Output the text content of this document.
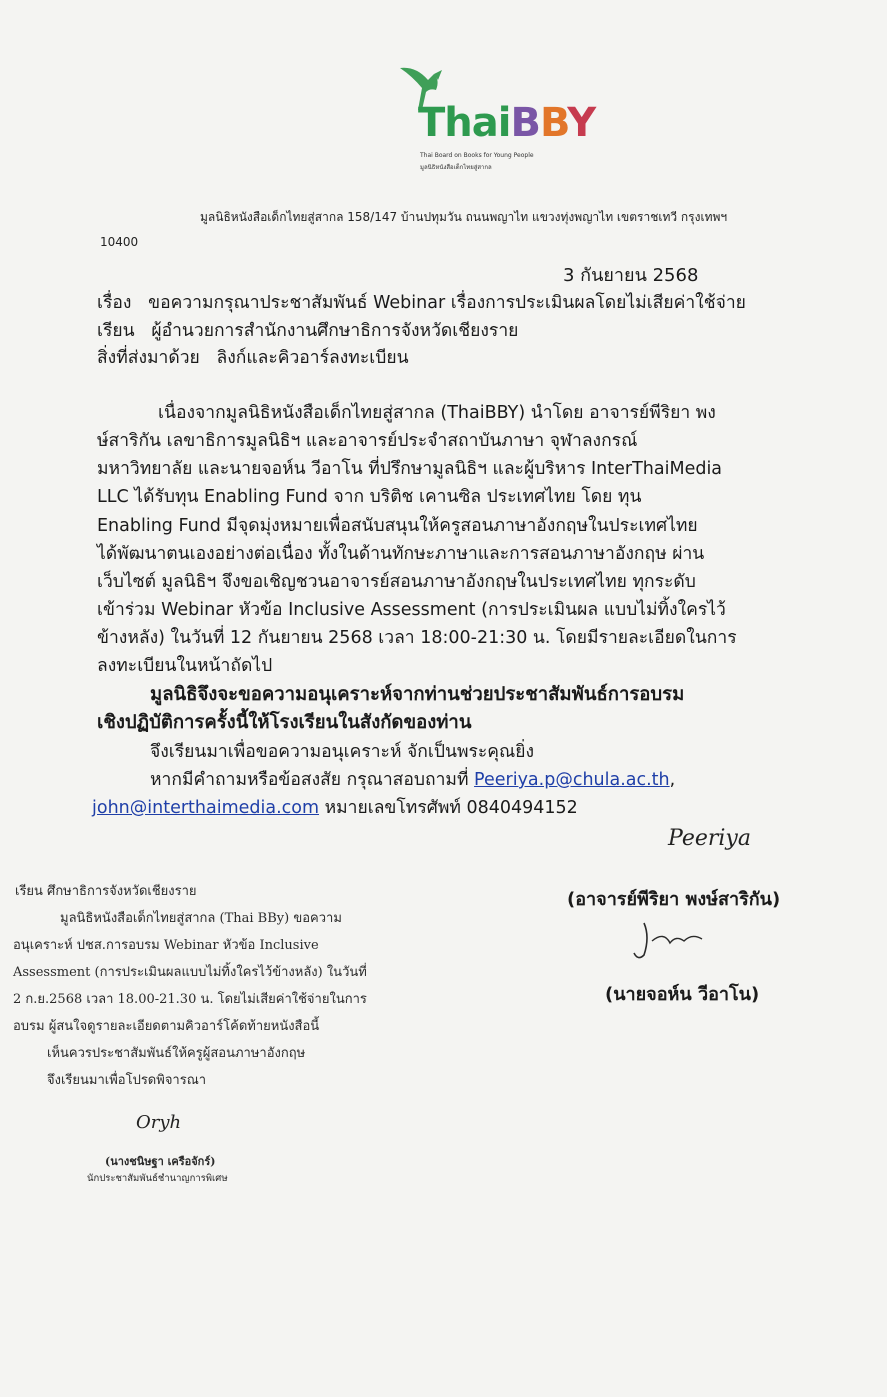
ThaiBBY
Thai Board on Books for Young People
มูลนิธิหนังสือเด็กไทยสู่สากล
มูลนิธิหนังสือเด็กไทยสู่สากล 158/147 บ้านปทุมวัน ถนนพญาไท แขวงทุ่งพญาไท เขตราชเทวี กรุงเทพฯ
10400
3 กันยายน 2568
เรื่อง ขอความกรุณาประชาสัมพันธ์ Webinar เรื่องการประเมินผลโดยไม่เสียค่าใช้จ่าย
เรียน ผู้อำนวยการสำนักงานศึกษาธิการจังหวัดเชียงราย
สิ่งที่ส่งมาด้วย ลิงก์และคิวอาร์ลงทะเบียน
เนื่องจากมูลนิธิหนังสือเด็กไทยสู่สากล (ThaiBBY) นำโดย อาจารย์พีริยา พง
ษ์สาริกัน เลขาธิการมูลนิธิฯ และอาจารย์ประจำสถาบันภาษา จุฬาลงกรณ์
มหาวิทยาลัย และนายจอห์น วีอาโน ที่ปรึกษามูลนิธิฯ และผู้บริหาร InterThaiMedia
LLC ได้รับทุน Enabling Fund จาก บริติช เคานซิล ประเทศไทย โดย ทุน
Enabling Fund มีจุดมุ่งหมายเพื่อสนับสนุนให้ครูสอนภาษาอังกฤษในประเทศไทย
ได้พัฒนาตนเองอย่างต่อเนื่อง ทั้งในด้านทักษะภาษาและการสอนภาษาอังกฤษ ผ่าน
เว็บไซต์ มูลนิธิฯ จึงขอเชิญชวนอาจารย์สอนภาษาอังกฤษในประเทศไทย ทุกระดับ
เข้าร่วม Webinar หัวข้อ Inclusive Assessment (การประเมินผล แบบไม่ทิ้งใครไว้
ข้างหลัง) ในวันที่ 12 กันยายน 2568 เวลา 18:00-21:30 น. โดยมีรายละเอียดในการ
ลงทะเบียนในหน้าถัดไป
มูลนิธิจึงจะขอความอนุเคราะห์จากท่านช่วยประชาสัมพันธ์การอบรม
เชิงปฏิบัติการครั้งนี้ให้โรงเรียนในสังกัดของท่าน
จึงเรียนมาเพื่อขอความอนุเคราะห์ จักเป็นพระคุณยิ่ง
หากมีคำถามหรือข้อสงสัย กรุณาสอบถามที่ Peeriya.p@chula.ac.th,
john@interthaimedia.com หมายเลขโทรศัพท์ 0840494152
Peeriya
(อาจารย์พีริยา พงษ์สาริกัน)
(นายจอห์น วีอาโน)
เรียน ศึกษาธิการจังหวัดเชียงราย
มูลนิธิหนังสือเด็กไทยสู่สากล (Thai BBy) ขอความ
อนุเคราะห์ ปชส.การอบรม Webinar หัวข้อ Inclusive
Assessment (การประเมินผลแบบไม่ทิ้งใครไว้ข้างหลัง) ในวันที่
2 ก.ย.2568 เวลา 18.00-21.30 น. โดยไม่เสียค่าใช้จ่ายในการ
อบรม ผู้สนใจดูรายละเอียดตามคิวอาร์โค้ดท้ายหนังสือนี้
เห็นควรประชาสัมพันธ์ให้ครูผู้สอนภาษาอังกฤษ
จึงเรียนมาเพื่อโปรดพิจารณา
Oryh
(นางชนิษฐา เครือจักร์)
นักประชาสัมพันธ์ชำนาญการพิเศษ
